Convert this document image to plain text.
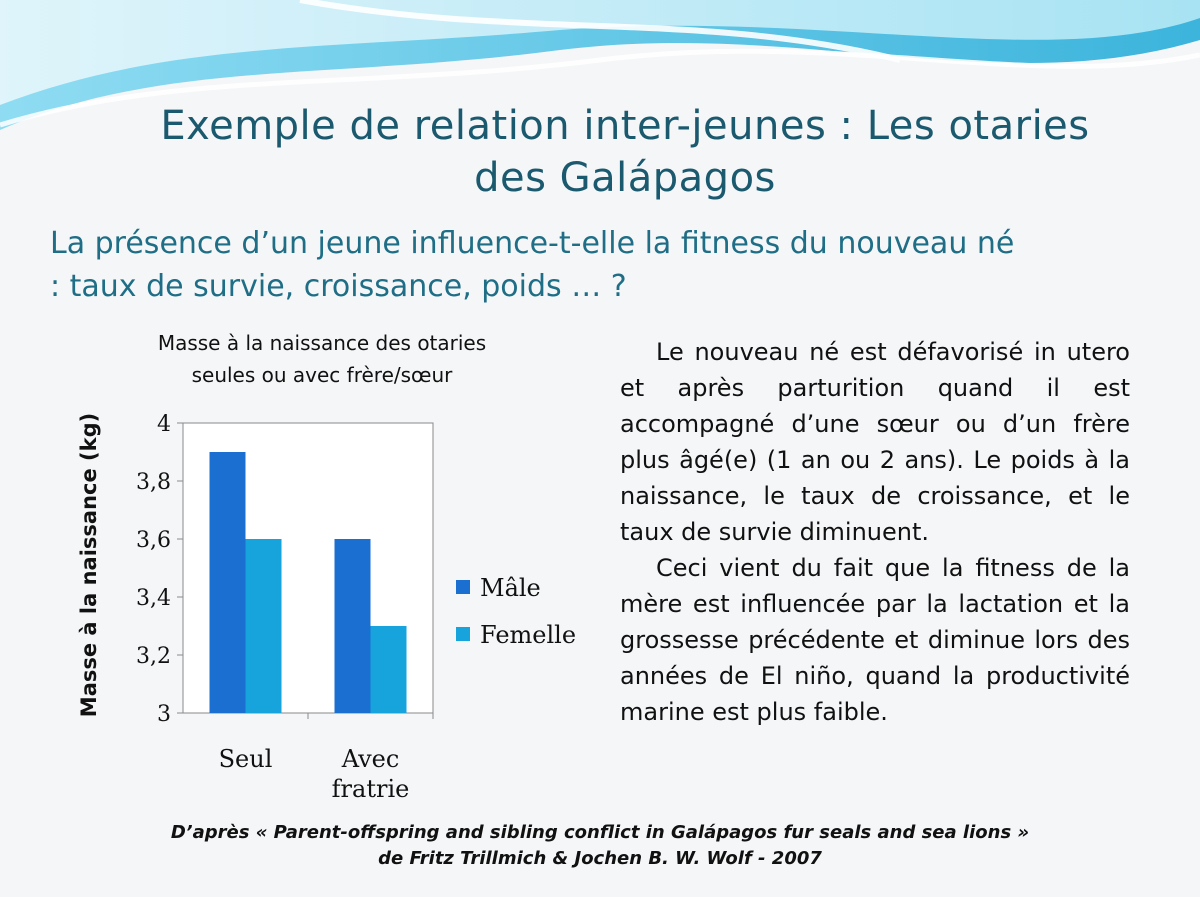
Exemple de relation inter-jeunes : Les otaries
des Galápagos
La présence d’un jeune influence-t-elle la fitness du nouveau né
: taux de survie, croissance, poids … ?
Masse à la naissance des otaries
seules ou avec frère/sœur
Masse à la naissance (kg)	3
3,2
3,4
3,6
3,8
4
Seul	Avec
fratrie
Mâle
Femelle

Le nouveau né est défavorisé in utero et après parturition quand il est accompagné d’une sœur ou d’un frère plus âgé(e) (1 an ou 2 ans). Le poids à la naissance, le taux de croissance, et le taux de survie diminuent.

Ceci vient du fait que la fitness de la mère est influencée par la lactation et la grossesse précédente et diminue lors des années de El niño, quand la productivité marine est plus faible.

D’après « Parent-offspring and sibling conflict in Galápagos fur seals and sea lions »
de Fritz Trillmich & Jochen B. W. Wolf - 2007
